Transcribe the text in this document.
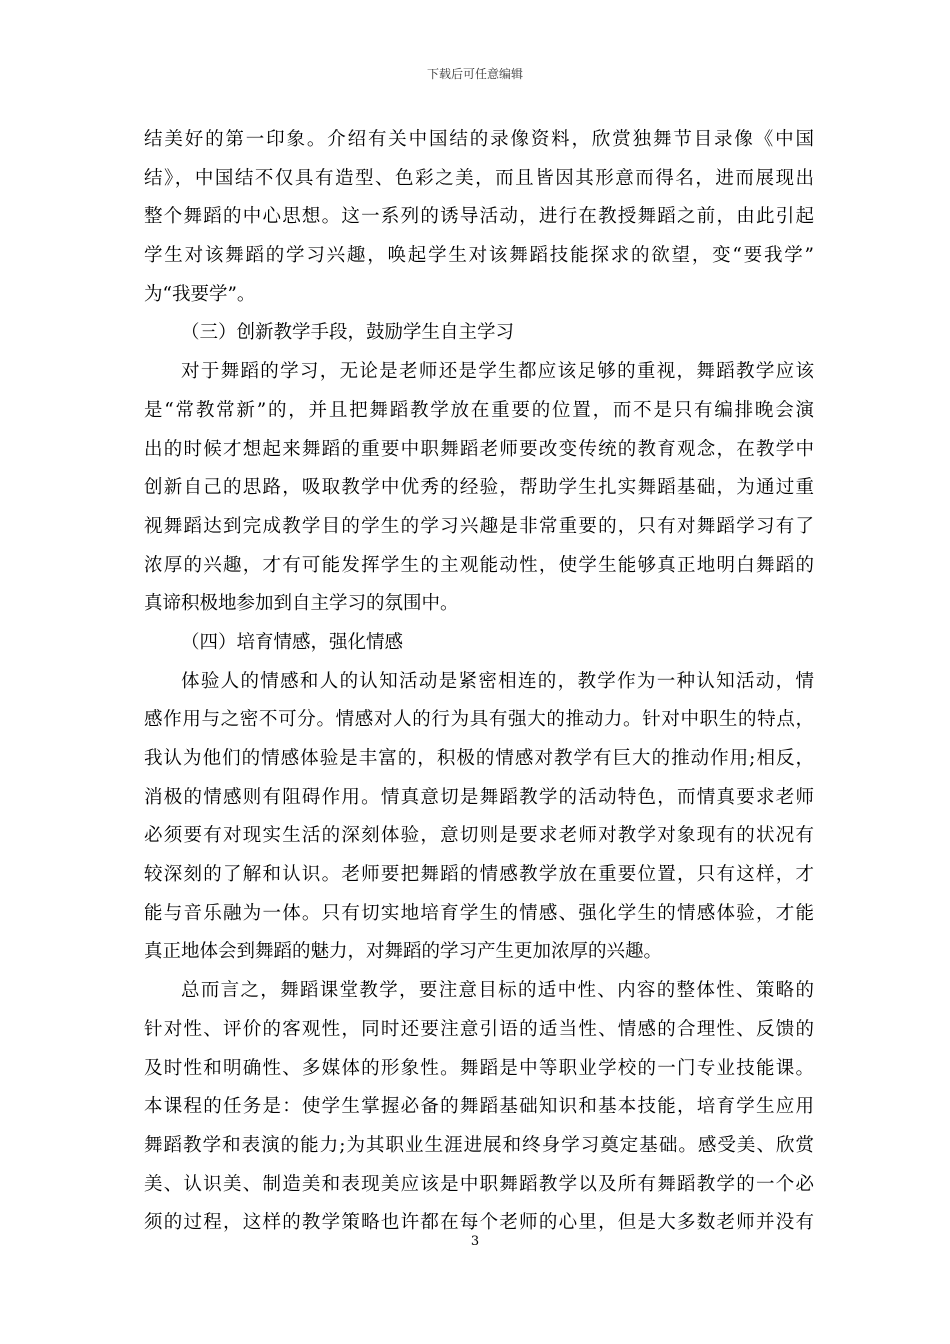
下载后可任意编辑
结美好的第一印象。介绍有关中国结的录像资料，欣赏独舞节目录像《中国
结》，中国结不仅具有造型、色彩之美，而且皆因其形意而得名，进而展现出
整个舞蹈的中心思想。这一系列的诱导活动，进行在教授舞蹈之前，由此引起
学生对该舞蹈的学习兴趣，唤起学生对该舞蹈技能探求的欲望，变“要我学”
为“我要学”。
（三）创新教学手段，鼓励学生自主学习
对于舞蹈的学习，无论是老师还是学生都应该足够的重视，舞蹈教学应该
是“常教常新”的，并且把舞蹈教学放在重要的位置，而不是只有编排晚会演
出的时候才想起来舞蹈的重要中职舞蹈老师要改变传统的教育观念，在教学中
创新自己的思路，吸取教学中优秀的经验，帮助学生扎实舞蹈基础，为通过重
视舞蹈达到完成教学目的学生的学习兴趣是非常重要的，只有对舞蹈学习有了
浓厚的兴趣，才有可能发挥学生的主观能动性，使学生能够真正地明白舞蹈的
真谛积极地参加到自主学习的氛围中。
（四）培育情感，强化情感
体验人的情感和人的认知活动是紧密相连的，教学作为一种认知活动，情
感作用与之密不可分。情感对人的行为具有强大的推动力。针对中职生的特点，
我认为他们的情感体验是丰富的，积极的情感对教学有巨大的推动作用;相反，
消极的情感则有阻碍作用。情真意切是舞蹈教学的活动特色，而情真要求老师
必须要有对现实生活的深刻体验，意切则是要求老师对教学对象现有的状况有
较深刻的了解和认识。老师要把舞蹈的情感教学放在重要位置，只有这样，才
能与音乐融为一体。只有切实地培育学生的情感、强化学生的情感体验，才能
真正地体会到舞蹈的魅力，对舞蹈的学习产生更加浓厚的兴趣。
总而言之，舞蹈课堂教学，要注意目标的适中性、内容的整体性、策略的
针对性、评价的客观性，同时还要注意引语的适当性、情感的合理性、反馈的
及时性和明确性、多媒体的形象性。舞蹈是中等职业学校的一门专业技能课。
本课程的任务是：使学生掌握必备的舞蹈基础知识和基本技能，培育学生应用
舞蹈教学和表演的能力;为其职业生涯进展和终身学习奠定基础。感受美、欣赏
美、认识美、制造美和表现美应该是中职舞蹈教学以及所有舞蹈教学的一个必
须的过程，这样的教学策略也许都在每个老师的心里，但是大多数老师并没有
3
